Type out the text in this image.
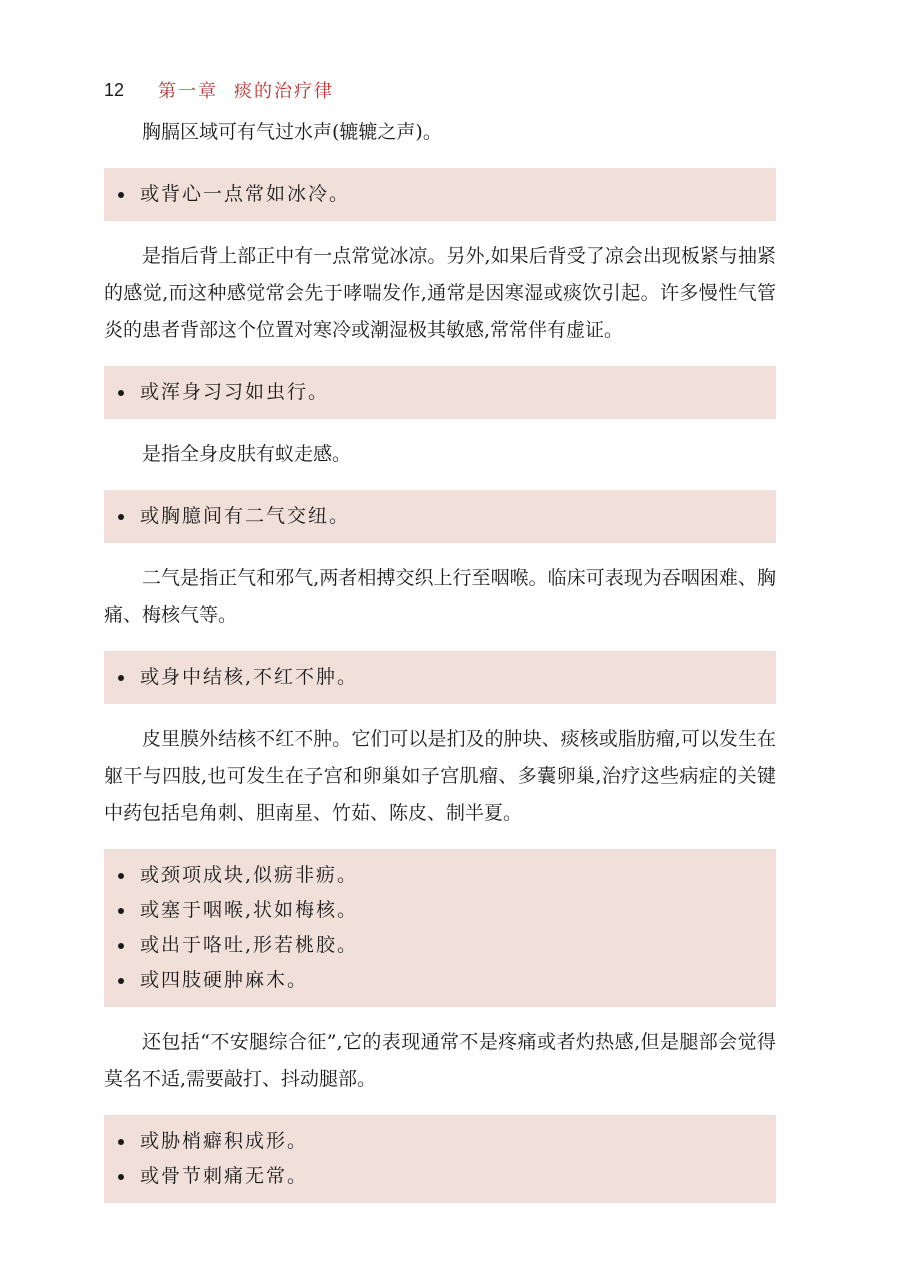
12 第一章 痰的治疗律

胸膈区域可有气过水声(辘辘之声)。

或背心一点常如冰冷。

是指后背上部正中有一点常觉冰凉。另外,如果后背受了凉会出现板紧与抽紧的感觉,而这种感觉常会先于哮喘发作,通常是因寒湿或痰饮引起。许多慢性气管炎的患者背部这个位置对寒冷或潮湿极其敏感,常常伴有虚证。

或浑身习习如虫行。

是指全身皮肤有蚁走感。

或胸臆间有二气交纽。

二气是指正气和邪气,两者相搏交织上行至咽喉。临床可表现为吞咽困难、胸痛、梅核气等。

或身中结核,不红不肿。

皮里膜外结核不红不肿。它们可以是扪及的肿块、痰核或脂肪瘤,可以发生在躯干与四肢,也可发生在子宫和卵巢如子宫肌瘤、多囊卵巢,治疗这些病症的关键中药包括皂角刺、胆南星、竹茹、陈皮、制半夏。

或颈项成块,似疬非疬。
或塞于咽喉,状如梅核。
或出于咯吐,形若桃胶。
或四肢硬肿麻木。

还包括“不安腿综合征”,它的表现通常不是疼痛或者灼热感,但是腿部会觉得莫名不适,需要敲打、抖动腿部。

或胁梢癖积成形。
或骨节刺痛无常。
